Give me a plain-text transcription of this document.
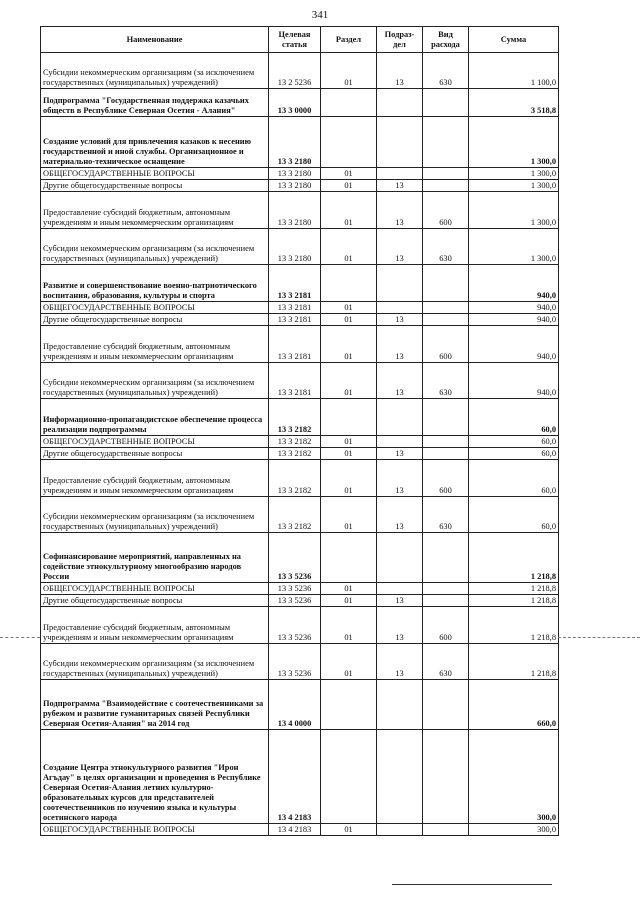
341
Наименование	Целевая статья	Раздел	Подраз-дел	Вид расхода	Сумма
Субсидии некоммерческим организациям (за исключением государственных (муниципальных) учреждений)	13 2 5236	01	13	630	1 100,0
Подпрограмма "Государственная поддержка казачьих обществ в Республике Северная Осетия - Алания"	13 3 0000				3 518,8
Создание условий для привлечения казаков к несению государственной и иной службы. Организационное и материально-техническое оснащение	13 3 2180				1 300,0
ОБЩЕГОСУДАРСТВЕННЫЕ ВОПРОСЫ	13 3 2180	01			1 300,0
Другие общегосударственные вопросы	13 3 2180	01	13		1 300,0
Предоставление субсидий бюджетным, автономным учреждениям и иным некоммерческим организациям	13 3 2180	01	13	600	1 300,0
Субсидии некоммерческим организациям (за исключением государственных (муниципальных) учреждений)	13 3 2180	01	13	630	1 300,0
Развитие и совершенствование военно-патриотического воспитания, образования, культуры и спорта	13 3 2181				940,0
ОБЩЕГОСУДАРСТВЕННЫЕ ВОПРОСЫ	13 3 2181	01			940,0
Другие общегосударственные вопросы	13 3 2181	01	13		940,0
Предоставление субсидий бюджетным, автономным учреждениям и иным некоммерческим организациям	13 3 2181	01	13	600	940,0
Субсидии некоммерческим организациям (за исключением государственных (муниципальных) учреждений)	13 3 2181	01	13	630	940,0
Информационно-пропагандистское обеспечение процесса реализации подпрограммы	13 3 2182				60,0
ОБЩЕГОСУДАРСТВЕННЫЕ ВОПРОСЫ	13 3 2182	01			60,0
Другие общегосударственные вопросы	13 3 2182	01	13		60,0
Предоставление субсидий бюджетным, автономным учреждениям и иным некоммерческим организациям	13 3 2182	01	13	600	60,0
Субсидии некоммерческим организациям (за исключением государственных (муниципальных) учреждений)	13 3 2182	01	13	630	60,0
Софинансирование мероприятий, направленных на содействие этнокультурному многообразию народов России	13 3 5236				1 218,8
ОБЩЕГОСУДАРСТВЕННЫЕ ВОПРОСЫ	13 3 5236	01			1 218,8
Другие общегосударственные вопросы	13 3 5236	01	13		1 218,8
Предоставление субсидий бюджетным, автономным учреждениям и иным некоммерческим организациям	13 3 5236	01	13	600	1 218,8
Субсидии некоммерческим организациям (за исключением государственных (муниципальных) учреждений)	13 3 5236	01	13	630	1 218,8
Подпрограмма "Взаимодействие с соотечественниками за рубежом и развитие гуманитарных связей Республики Северная Осетия-Алания" на 2014 год	13 4 0000				660,0
Создание Центра этнокультурного развития "Ирон Агъдау" в целях организации и проведения в Республике Северная Осетия-Алания летних культурно-образовательных курсов для представителей соотечественников по изучению языка и культуры осетинского народа	13 4 2183				300,0
ОБЩЕГОСУДАРСТВЕННЫЕ ВОПРОСЫ	13 4 2183	01			300,0
